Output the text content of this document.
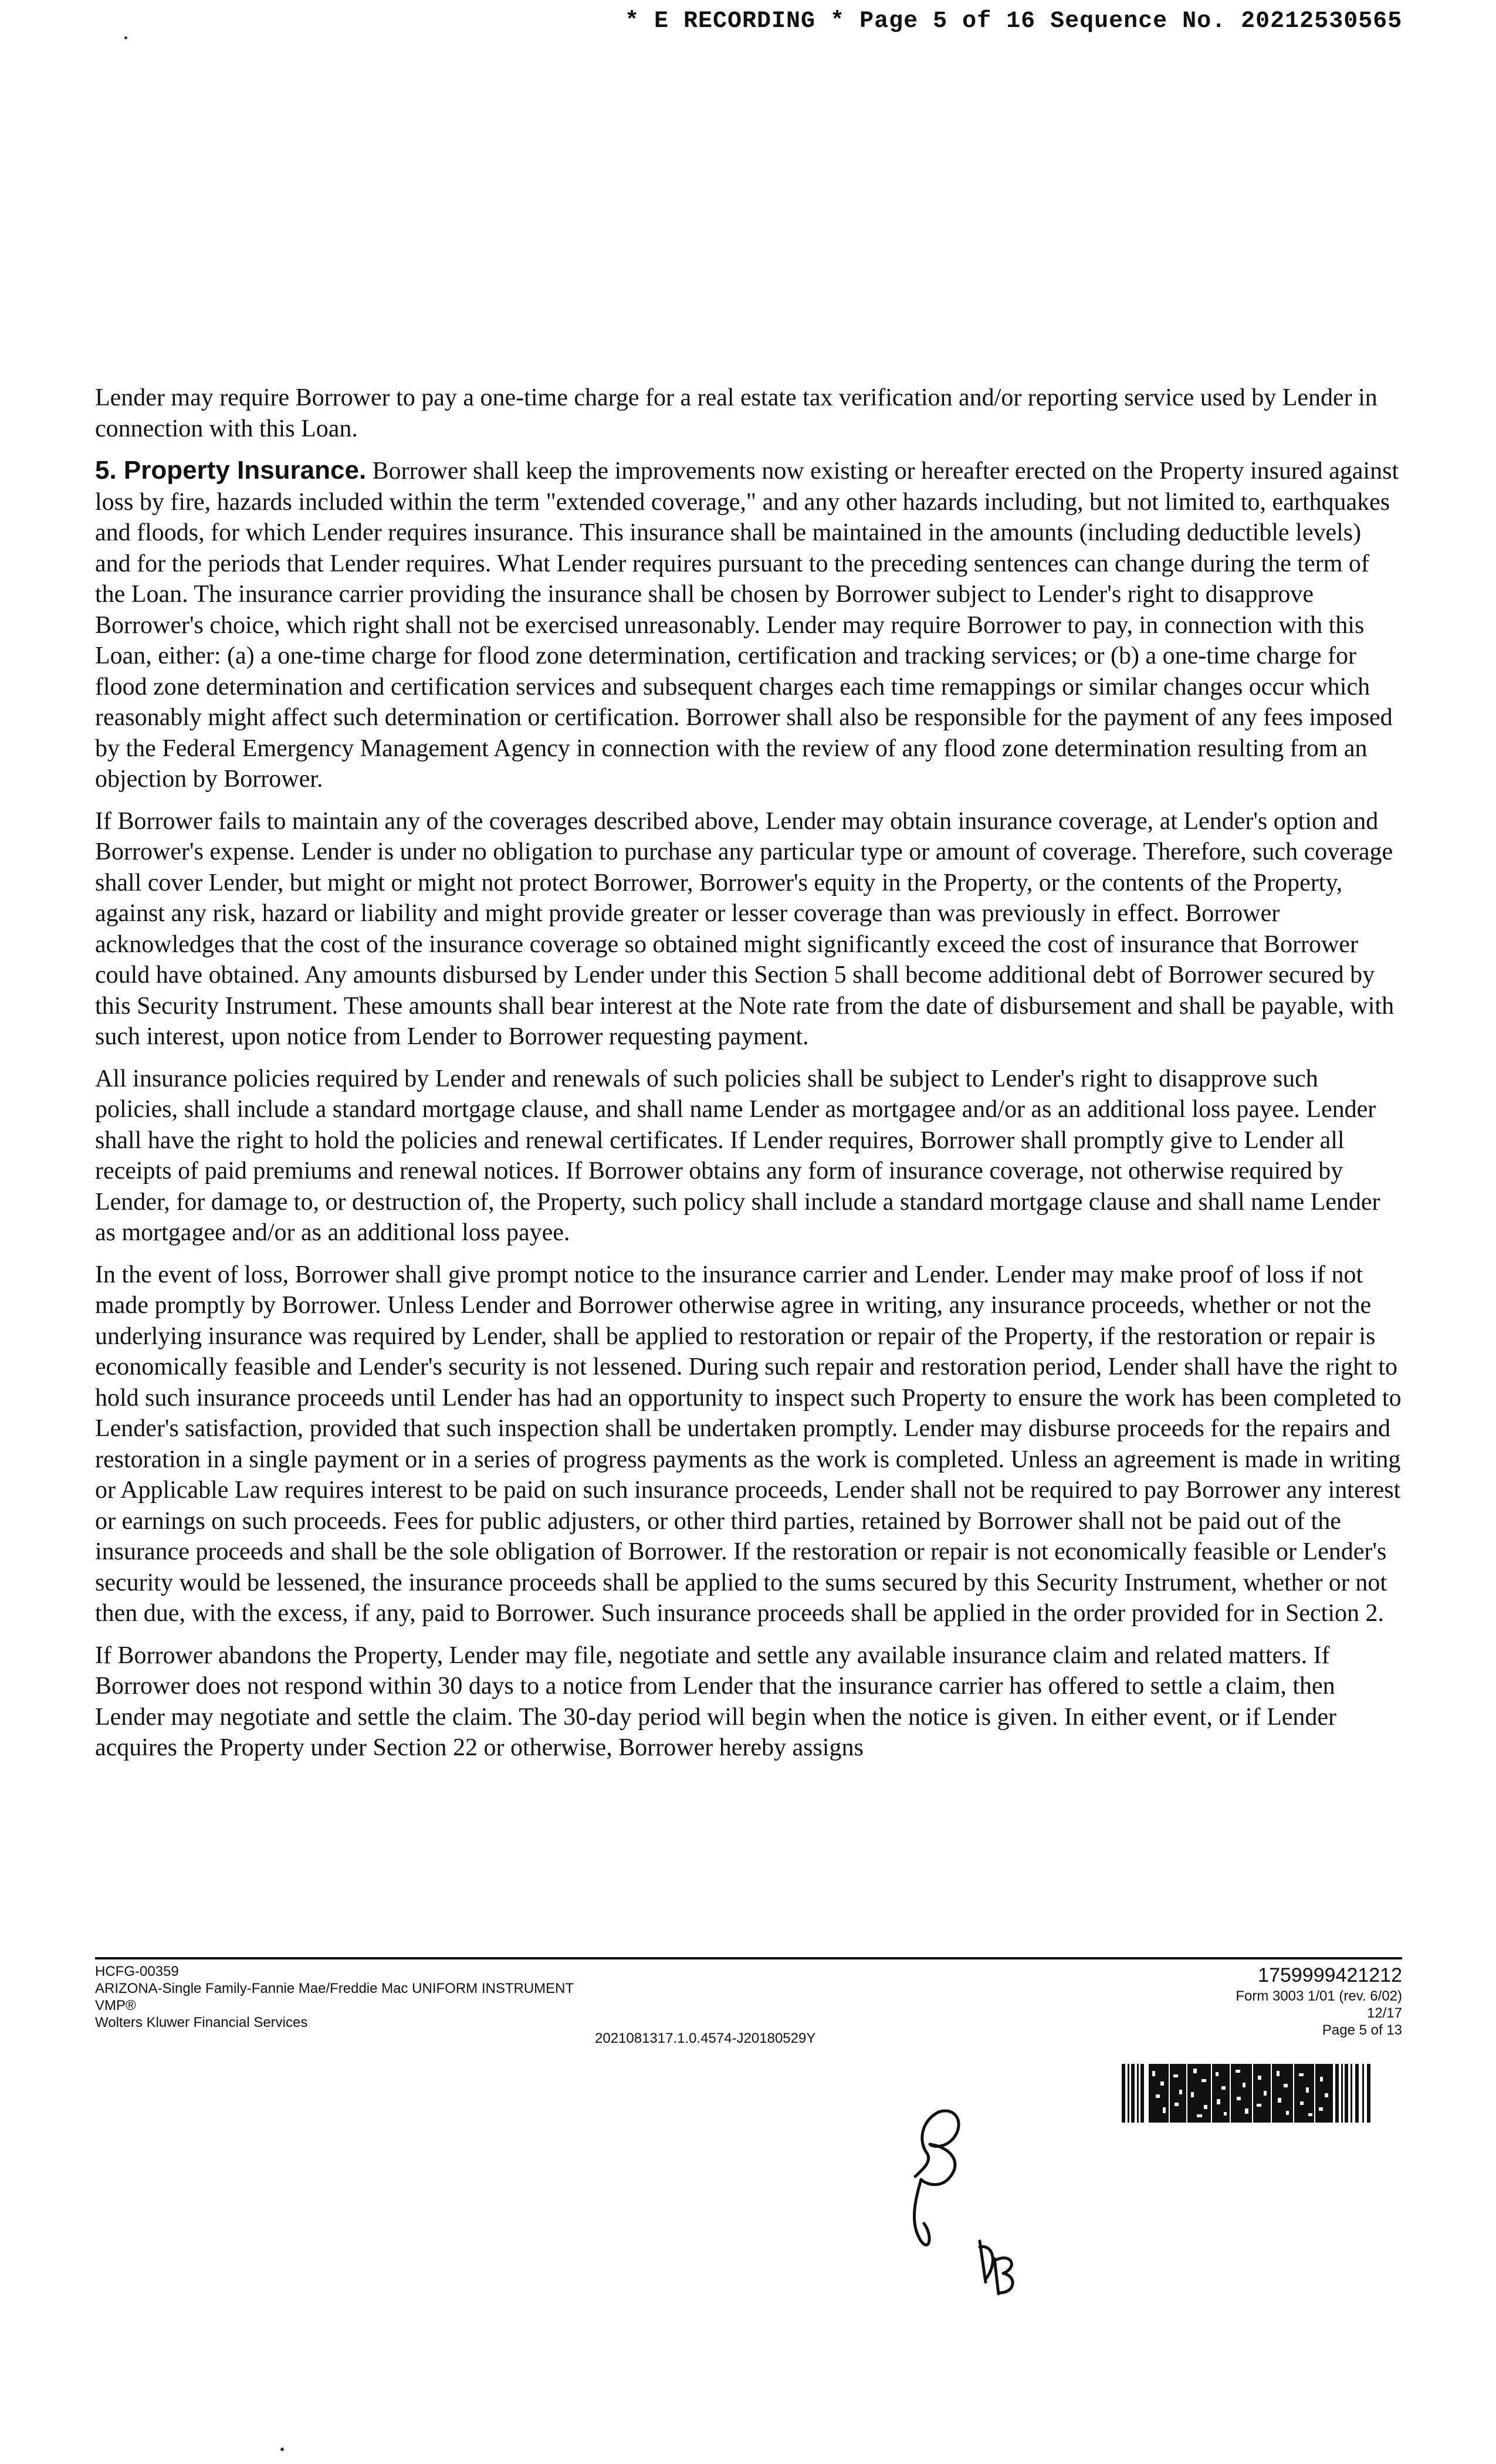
* E RECORDING * Page 5 of 16 Sequence No. 20212530565

Lender may require Borrower to pay a one-time charge for a real estate tax verification and/or reporting service used by Lender in connection with this Loan.

5. Property Insurance. Borrower shall keep the improvements now existing or hereafter erected on the Property insured against loss by fire, hazards included within the term "extended coverage," and any other hazards including, but not limited to, earthquakes and floods, for which Lender requires insurance. This insurance shall be maintained in the amounts (including deductible levels) and for the periods that Lender requires. What Lender requires pursuant to the preceding sentences can change during the term of the Loan. The insurance carrier providing the insurance shall be chosen by Borrower subject to Lender's right to disapprove Borrower's choice, which right shall not be exercised unreasonably. Lender may require Borrower to pay, in connection with this Loan, either: (a) a one-time charge for flood zone determination, certification and tracking services; or (b) a one-time charge for flood zone determination and certification services and subsequent charges each time remappings or similar changes occur which reasonably might affect such determination or certification. Borrower shall also be responsible for the payment of any fees imposed by the Federal Emergency Management Agency in connection with the review of any flood zone determination resulting from an objection by Borrower.

If Borrower fails to maintain any of the coverages described above, Lender may obtain insurance coverage, at Lender's option and Borrower's expense. Lender is under no obligation to purchase any particular type or amount of coverage. Therefore, such coverage shall cover Lender, but might or might not protect Borrower, Borrower's equity in the Property, or the contents of the Property, against any risk, hazard or liability and might provide greater or lesser coverage than was previously in effect. Borrower acknowledges that the cost of the insurance coverage so obtained might significantly exceed the cost of insurance that Borrower could have obtained. Any amounts disbursed by Lender under this Section 5 shall become additional debt of Borrower secured by this Security Instrument. These amounts shall bear interest at the Note rate from the date of disbursement and shall be payable, with such interest, upon notice from Lender to Borrower requesting payment.

All insurance policies required by Lender and renewals of such policies shall be subject to Lender's right to disapprove such policies, shall include a standard mortgage clause, and shall name Lender as mortgagee and/or as an additional loss payee. Lender shall have the right to hold the policies and renewal certificates. If Lender requires, Borrower shall promptly give to Lender all receipts of paid premiums and renewal notices. If Borrower obtains any form of insurance coverage, not otherwise required by Lender, for damage to, or destruction of, the Property, such policy shall include a standard mortgage clause and shall name Lender as mortgagee and/or as an additional loss payee.

In the event of loss, Borrower shall give prompt notice to the insurance carrier and Lender. Lender may make proof of loss if not made promptly by Borrower. Unless Lender and Borrower otherwise agree in writing, any insurance proceeds, whether or not the underlying insurance was required by Lender, shall be applied to restoration or repair of the Property, if the restoration or repair is economically feasible and Lender's security is not lessened. During such repair and restoration period, Lender shall have the right to hold such insurance proceeds until Lender has had an opportunity to inspect such Property to ensure the work has been completed to Lender's satisfaction, provided that such inspection shall be undertaken promptly. Lender may disburse proceeds for the repairs and restoration in a single payment or in a series of progress payments as the work is completed. Unless an agreement is made in writing or Applicable Law requires interest to be paid on such insurance proceeds, Lender shall not be required to pay Borrower any interest or earnings on such proceeds. Fees for public adjusters, or other third parties, retained by Borrower shall not be paid out of the insurance proceeds and shall be the sole obligation of Borrower. If the restoration or repair is not economically feasible or Lender's security would be lessened, the insurance proceeds shall be applied to the sums secured by this Security Instrument, whether or not then due, with the excess, if any, paid to Borrower. Such insurance proceeds shall be applied in the order provided for in Section 2.

If Borrower abandons the Property, Lender may file, negotiate and settle any available insurance claim and related matters. If Borrower does not respond within 30 days to a notice from Lender that the insurance carrier has offered to settle a claim, then Lender may negotiate and settle the claim. The 30-day period will begin when the notice is given. In either event, or if Lender acquires the Property under Section 22 or otherwise, Borrower hereby assigns

HCFG-00359
ARIZONA-Single Family-Fannie Mae/Freddie Mac UNIFORM INSTRUMENT
VMP®
Wolters Kluwer Financial Services
2021081317.1.0.4574-J20180529Y
1759999421212
Form 3003 1/01 (rev. 6/02)
12/17
Page 5 of 13
